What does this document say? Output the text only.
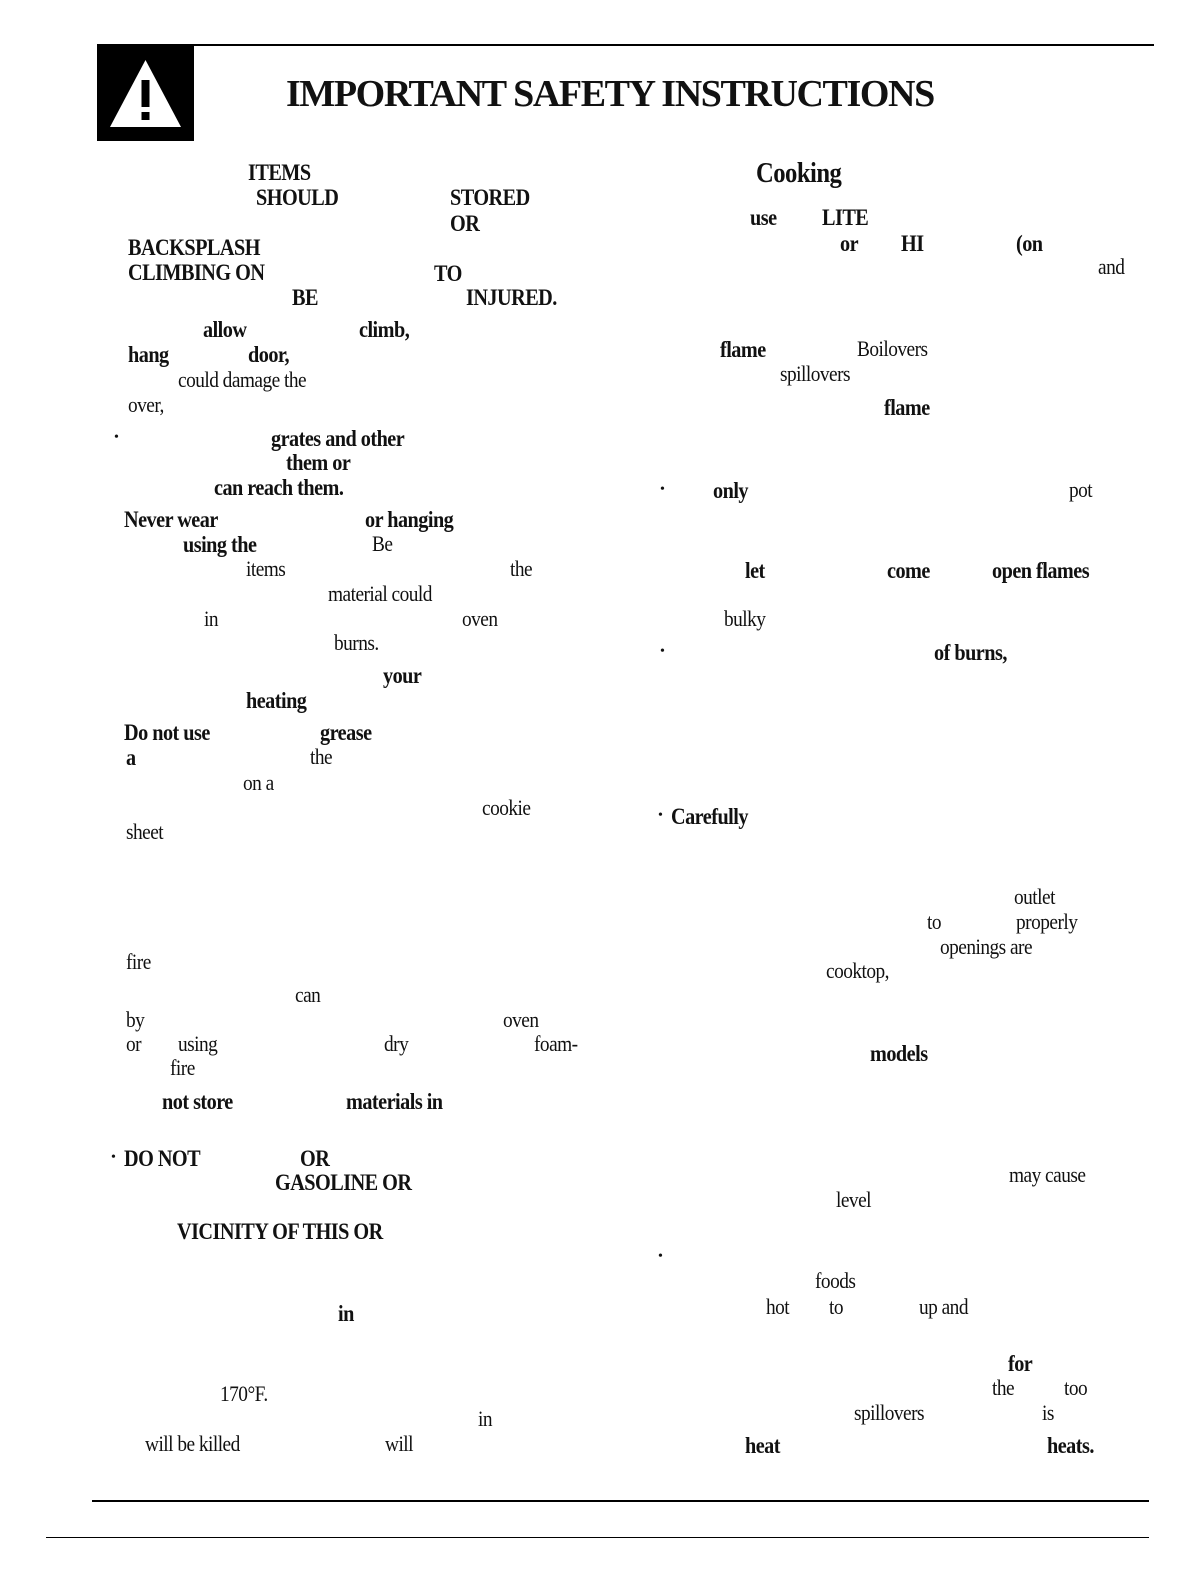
IMPORTANT SAFETY INSTRUCTIONS
ITEMS
SHOULD	STORED
OR
BACKSPLASH
CLIMBING ON	TO
BE	INJURED.
allow	climb,
hang	door,
could damage the
over,
•	grates and other
them or
can reach them.
Never wear	or hanging
using the	Be
items	the
material could
in	oven
burns.
your
heating
Do not use	grease
a	the
on a
cookie
sheet
fire
can
by	oven
or using	dry	foam-
fire
not store	materials in
• DO NOT	OR
GASOLINE OR
VICINITY OF THIS OR
in
170°F.
in
will be killed	will
Cooking
use LITE
or HI	(on
and
flame	Boilovers
spillovers
flame
• only	pot
let	come	open flames
bulky
•	of burns,
• Carefully
outlet
to	properly
openings are
cooktop,
models
may cause
level
•
foods
hot to	up and
for
the too
spillovers	is
heat	heats.
